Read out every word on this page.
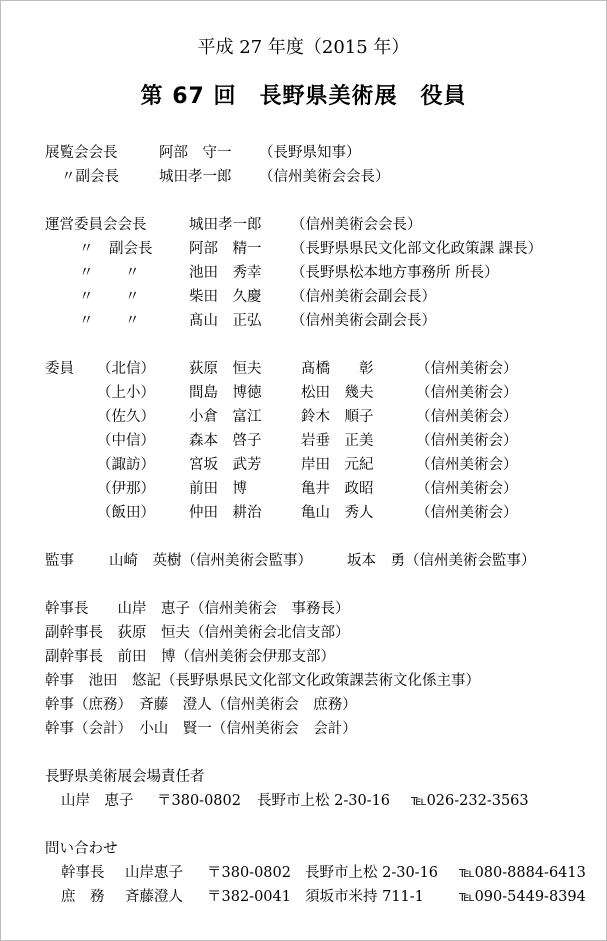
平成 27 年度（2015 年）
第 67 回　長野県美術展　役員
展覧会会長	阿部　守一 （長野県知事）
〃副会長	城田孝一郎 （信州美術会会長）
運営委員会会長	城田孝一郎 （信州美術会会長）
〃 副会長	阿部　精一 （長野県県民文化部文化政策課 課長）
〃 〃	池田　秀幸 （長野県松本地方事務所 所長）
〃 〃	柴田　久慶 （信州美術会副会長）
〃 〃	髙山　正弘 （信州美術会副会長）
委員 （北信） 荻原　恒夫	髙橋　　彰	（信州美術会）
（上小） 間島　博徳	松田　幾夫	（信州美術会）
（佐久） 小倉　富江	鈴木　順子	（信州美術会）
（中信） 森本　啓子	岩垂　正美	（信州美術会）
（諏訪） 宮坂　武芳	岸田　元紀	（信州美術会）
（伊那） 前田　博	亀井　政昭	（信州美術会）
（飯田） 仲田　耕治	亀山　秀人	（信州美術会）
監事 山崎　英樹（信州美術会監事） 坂本　勇（信州美術会監事）
幹事長　　山岸　恵子（信州美術会　事務長）
副幹事長　荻原　恒夫（信州美術会北信支部）
副幹事長　前田　博（信州美術会伊那支部）
幹事　池田　悠記（長野県県民文化部文化政策課芸術文化係主事）
幹事（庶務）　斉藤　澄人（信州美術会　庶務）
幹事（会計）　小山　賢一（信州美術会　会計）
長野県美術展会場責任者
山岸　恵子 〒380-0802 長野市上松 2-30-16 ℡026-232-3563
問い合わせ
幹事長 山岸恵子 〒380-0802 長野市上松 2-30-16 ℡080-8884-6413
庶　務 斉藤澄人 〒382-0041 須坂市米持 711-1 ℡090-5449-8394
